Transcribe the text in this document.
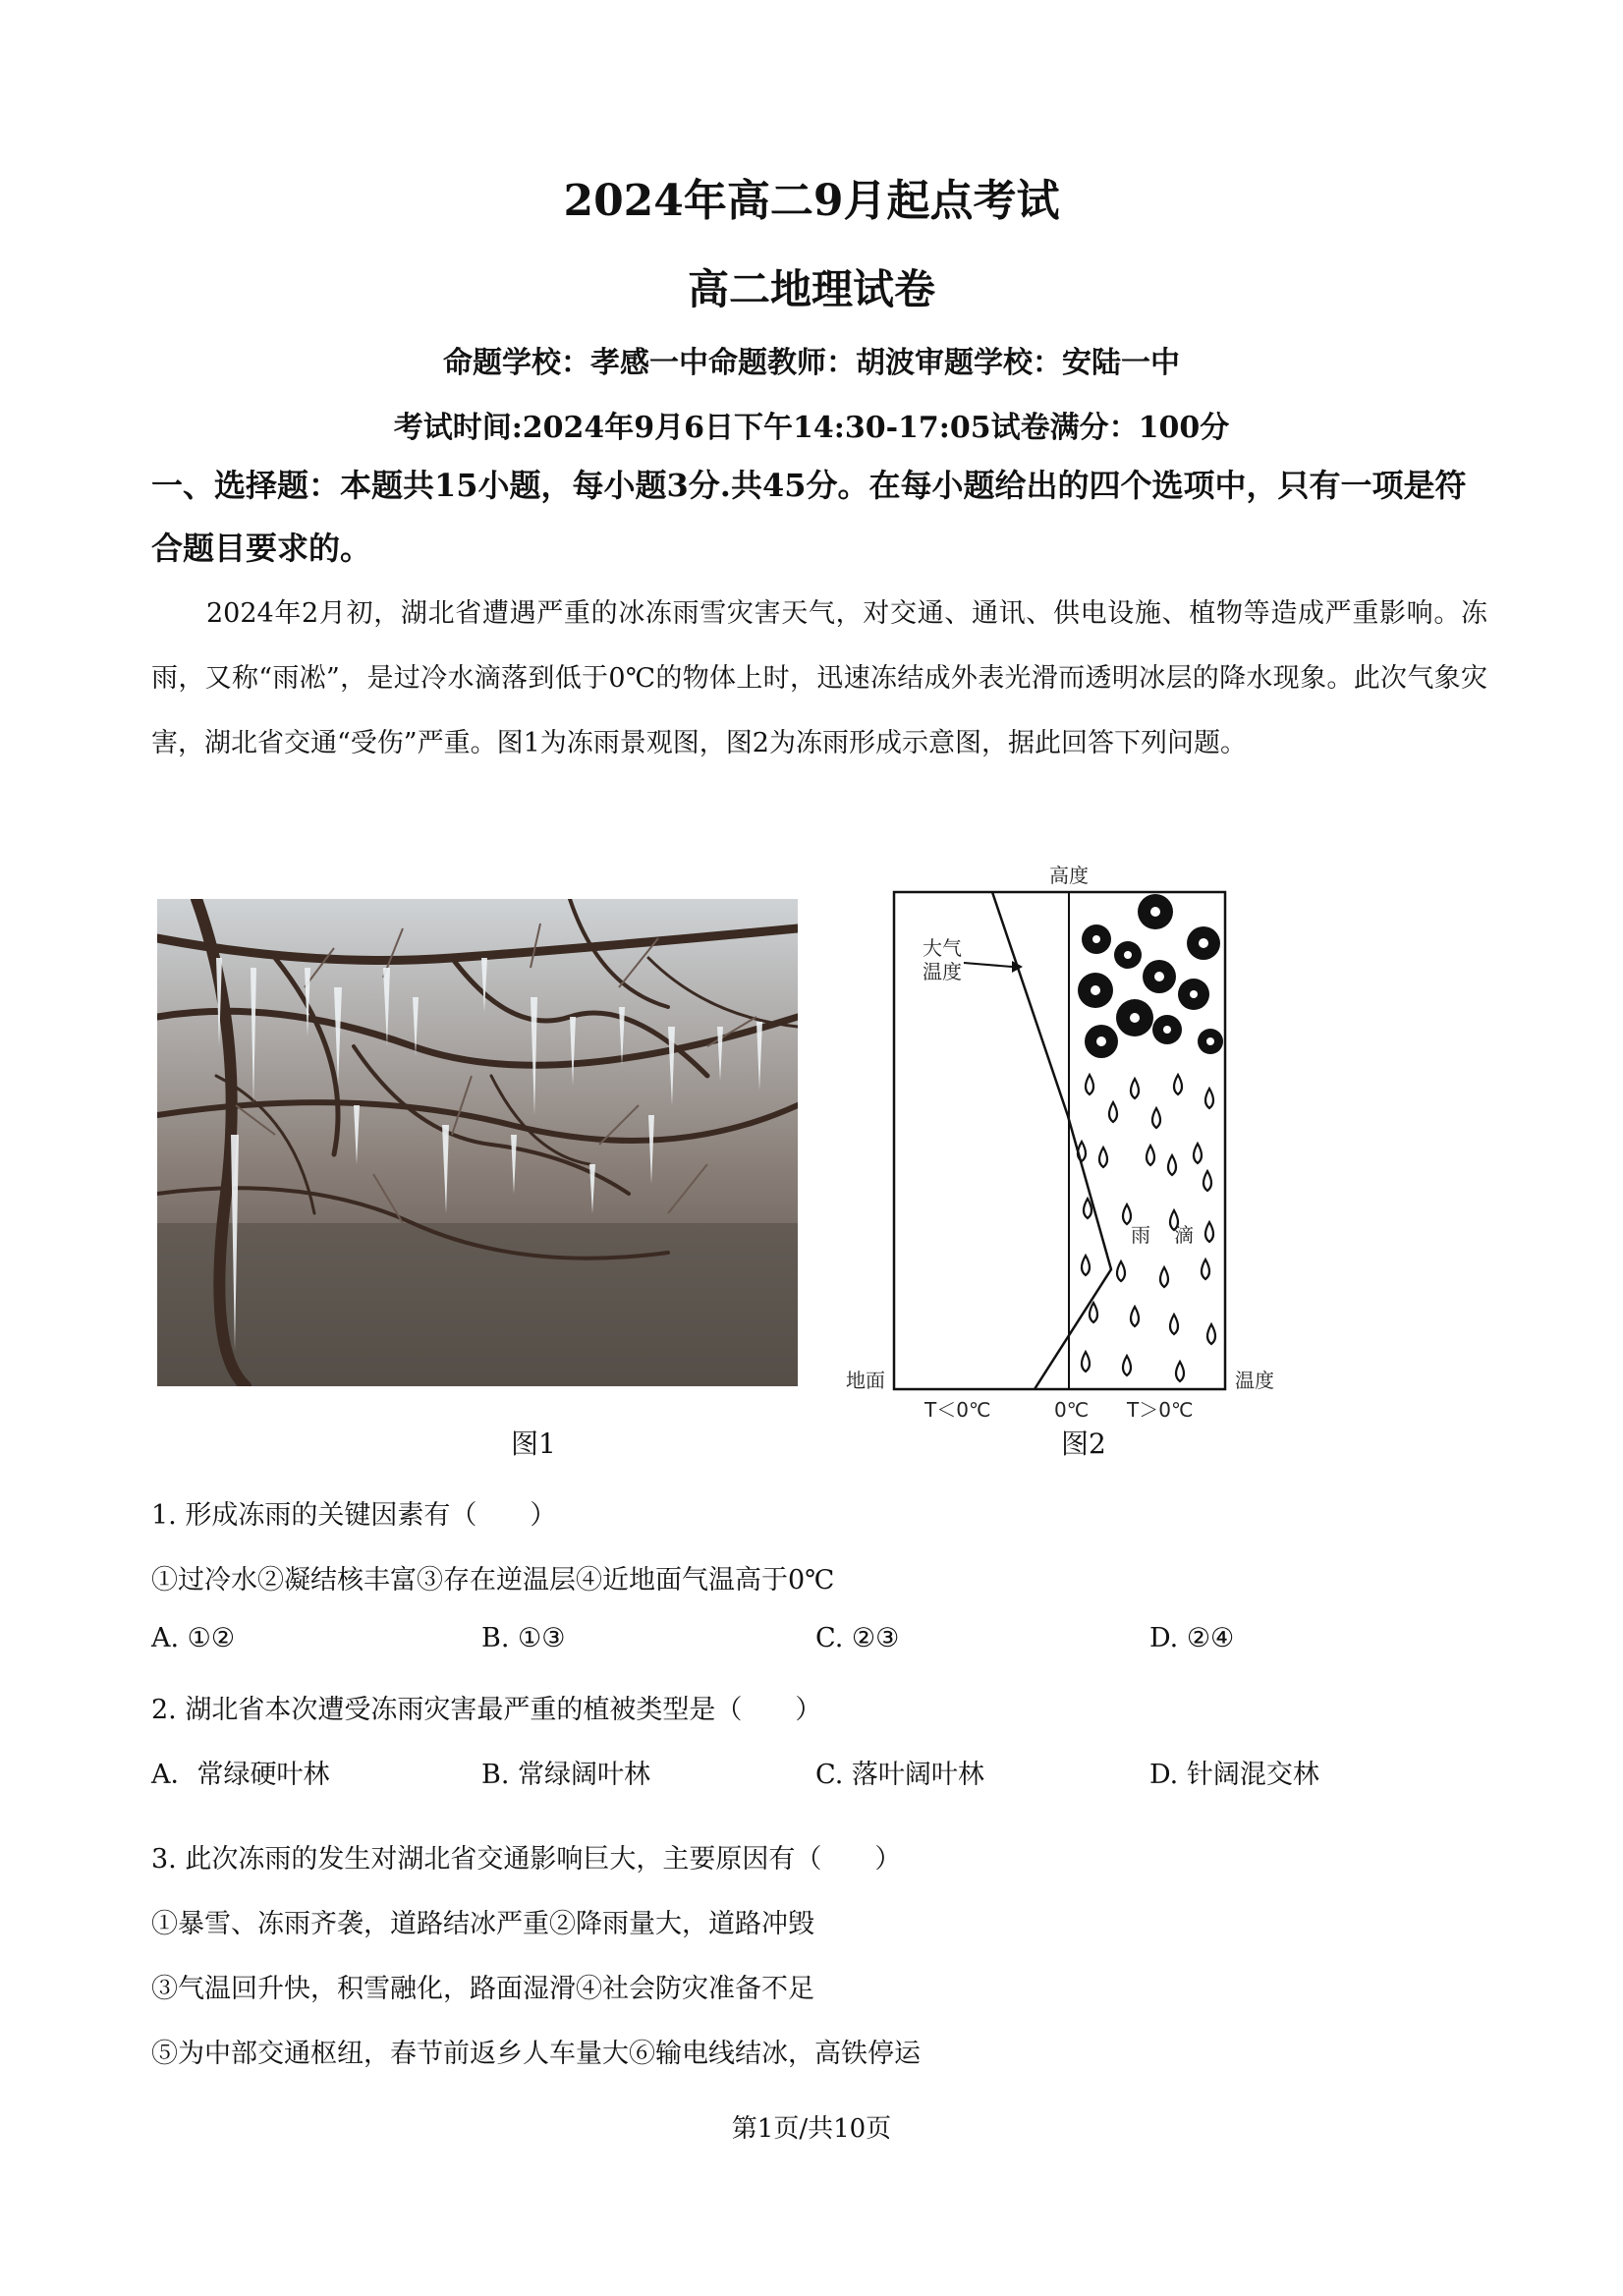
2024年高二9月起点考试
高二地理试卷
命题学校：孝感一中命题教师：胡波审题学校：安陆一中
考试时间:2024年9月6日下午14:30-17:05试卷满分：100分
一、选择题：本题共15小题，每小题3分.共45分。在每小题给出的四个选项中，只有一项是符合题目要求的。
2024年2月初，湖北省遭遇严重的冰冻雨雪灾害天气，对交通、通讯、供电设施、植物等造成严重影响。冻雨，又称“雨凇”，是过冷水滴落到低于0℃的物体上时，迅速冻结成外表光滑而透明冰层的降水现象。此次气象灾害，湖北省交通“受伤”严重。图1为冻雨景观图，图2为冻雨形成示意图，据此回答下列问题。
图1
高度
大气
温度
雨 滴
地面	温度
T＜0℃	0℃ T＞0℃
图2
1. 形成冻雨的关键因素有（　　）
①过冷水②凝结核丰富③存在逆温层④近地面气温高于0℃
A. ①②	B. ①③	C. ②③	D. ②④
2. 湖北省本次遭受冻雨灾害最严重的植被类型是（　　）
A．常绿硬叶林	B. 常绿阔叶林	C. 落叶阔叶林	D. 针阔混交林
3. 此次冻雨的发生对湖北省交通影响巨大，主要原因有（　　）
①暴雪、冻雨齐袭，道路结冰严重②降雨量大，道路冲毁
③气温回升快，积雪融化，路面湿滑④社会防灾准备不足
⑤为中部交通枢纽，春节前返乡人车量大⑥输电线结冰，高铁停运
第1页/共10页
